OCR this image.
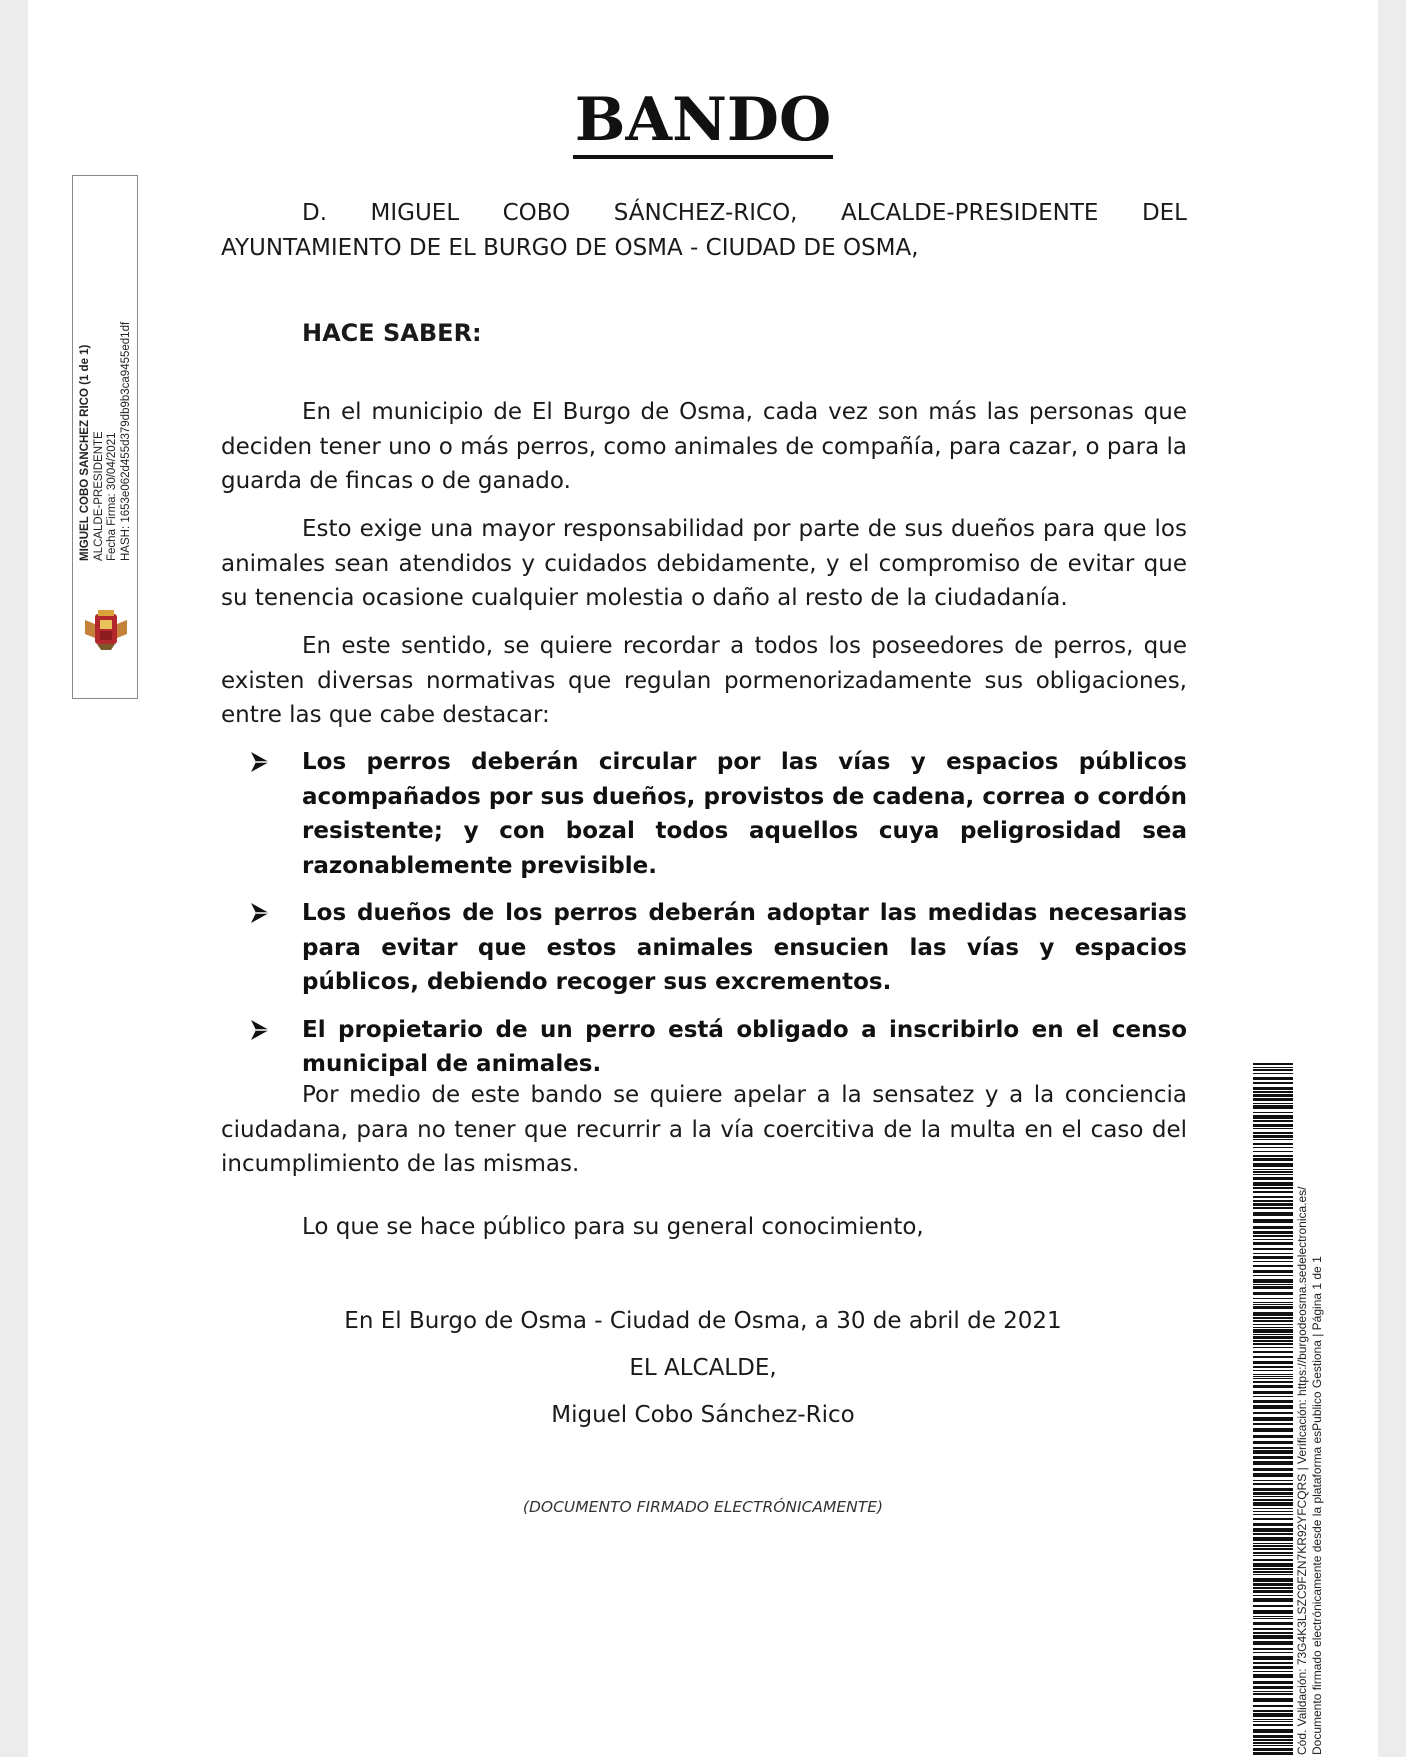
BANDO
MIGUEL COBO SANCHEZ RICO (1 de 1) ALCALDE-PRESIDENTE Fecha Firma: 30/04/2021 HASH: 1653e062d455d379db9b3ca9455ed1df

D. MIGUEL COBO SÁNCHEZ-RICO, ALCALDE-PRESIDENTE DEL AYUNTAMIENTO DE EL BURGO DE OSMA - CIUDAD DE OSMA,

HACE SABER:

En el municipio de El Burgo de Osma, cada vez son más las personas que deciden tener uno o más perros, como animales de compañía, para cazar, o para la guarda de fincas o de ganado.

Esto exige una mayor responsabilidad por parte de sus dueños para que los animales sean atendidos y cuidados debidamente, y el compromiso de evitar que su tenencia ocasione cualquier molestia o daño al resto de la ciudadanía.

En este sentido, se quiere recordar a todos los poseedores de perros, que existen diversas normativas que regulan pormenorizadamente sus obligaciones, entre las que cabe destacar:

Los perros deberán circular por las vías y espacios públicos acompañados por sus dueños, provistos de cadena, correa o cordón resistente; y con bozal todos aquellos cuya peligrosidad sea razonablemente previsible.
Los dueños de los perros deberán adoptar las medidas necesarias para evitar que estos animales ensucien las vías y espacios públicos, debiendo recoger sus excrementos.
El propietario de un perro está obligado a inscribirlo en el censo municipal de animales.

Por medio de este bando se quiere apelar a la sensatez y a la conciencia ciudadana, para no tener que recurrir a la vía coercitiva de la multa en el caso del incumplimiento de las mismas.

Lo que se hace público para su general conocimiento,

En El Burgo de Osma - Ciudad de Osma, a 30 de abril de 2021

EL ALCALDE,

Miguel Cobo Sánchez-Rico

(DOCUMENTO FIRMADO ELECTRÓNICAMENTE)	Cód. Validación: 73G4K3LSZC9FZN7KR92YFCQRS | Verificación: https://burgodeosma.sedelectronica.es/ Documento firmado electrónicamente desde la plataforma esPublico Gestiona | Página 1 de 1
